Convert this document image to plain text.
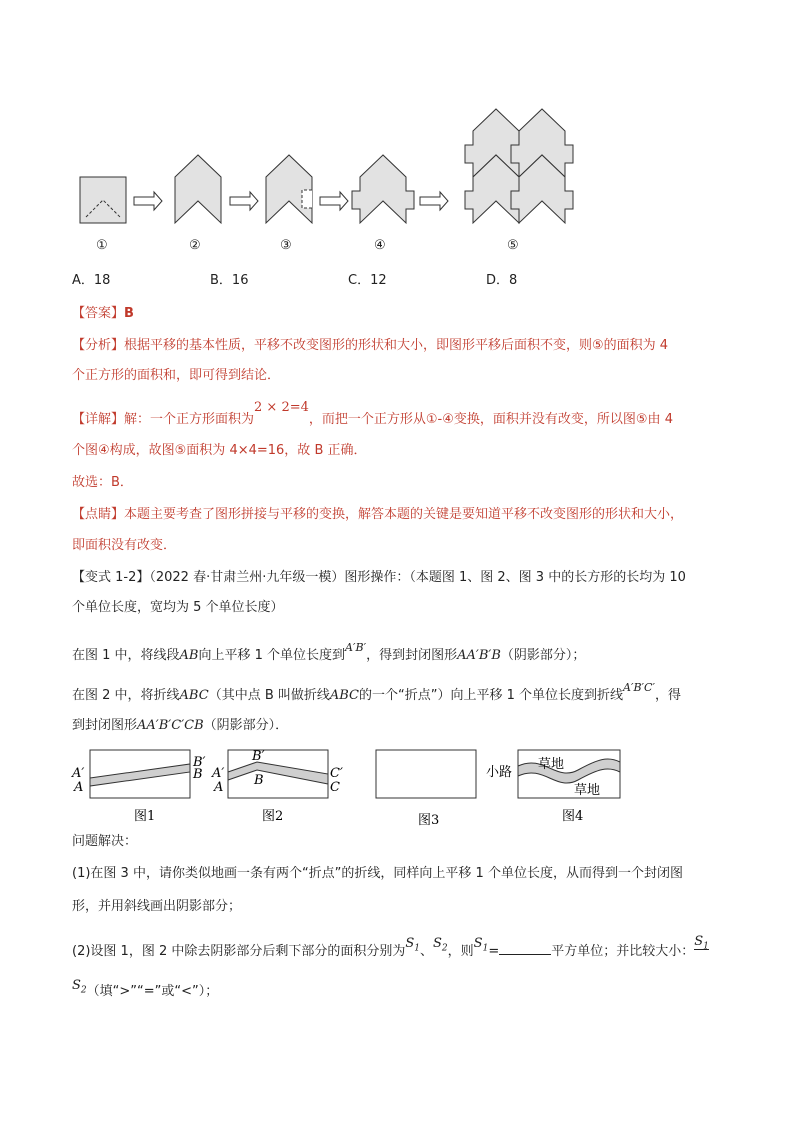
①	②	③	④	⑤
A．18	B．16	C．12	D．8
【答案】B
【分析】根据平移的基本性质，平移不改变图形的形状和大小，即图形平移后面积不变，则⑤的面积为 4
个正方形的面积和，即可得到结论．
【详解】解：一个正方形面积为2 × 2=4，而把一个正方形从①-④变换，面积并没有改变，所以图⑤由 4
个图④构成，故图⑤面积为 4×4=16，故 B 正确．
故选：B．
【点睛】本题主要考查了图形拼接与平移的变换，解答本题的关键是要知道平移不改变图形的形状和大小，
即面积没有改变．
【变式 1-2】（2022 春·甘肃兰州·九年级一模）图形操作：（本题图 1、图 2、图 3 中的长方形的长均为 10
个单位长度，宽均为 5 个单位长度）
在图 1 中，将线段AB向上平移 1 个单位长度到$^{A'B'}$，得到封闭图形AA′B′B（阴影部分）；
在图 2 中，将折线ABC（其中点 B 叫做折线ABC的一个“折点”）向上平移 1 个单位长度到折线$^{A'B'C'}$，得
到封闭图形AA′B′C′CB（阴影部分）．
A′
A
B′
B
图1
A′
A
B′
B	C′
C
图2	图3
小路
草地
草地
图4
问题解决：
(1)在图 3 中，请你类似地画一条有两个“折点”的折线，同样向上平移 1 个单位长度，从而得到一个封闭图
形，并用斜线画出阴影部分；
(2)设图 1，图 2 中除去阴影部分后剩下部分的面积分别为$S_1$、$S_2$，则$S_1=$	平方单位；并比较大小：$S_1$
$S_2$（填“>”“=”或“<”）；
